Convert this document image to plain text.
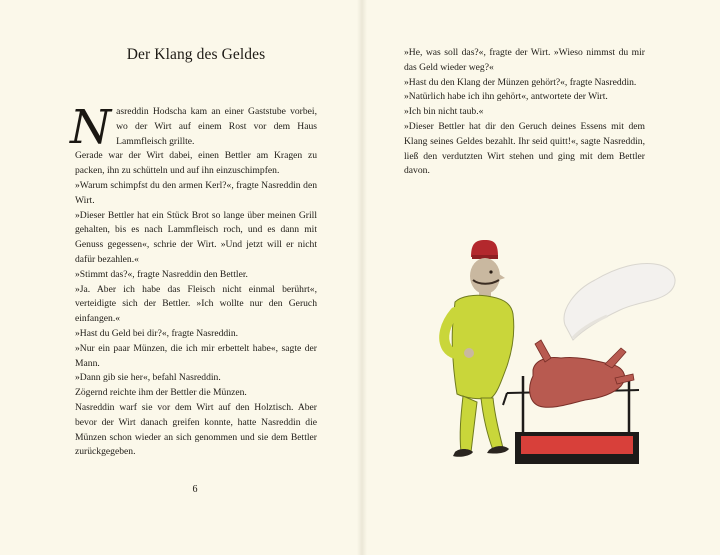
Der Klang des Geldes

Nasreddin Hodscha kam an einer Gaststube vorbei, wo der Wirt auf einem Rost vor dem Haus Lammfleisch grillte.

Gerade war der Wirt dabei, einen Bettler am Kragen zu packen, ihn zu schütteln und auf ihn einzuschimpfen.

»Warum schimpfst du den armen Kerl?«, fragte Nasreddin den Wirt.

»Dieser Bettler hat ein Stück Brot so lange über meinen Grill gehalten, bis es nach Lammfleisch roch, und es dann mit Genuss gegessen«, schrie der Wirt. »Und jetzt will er nicht dafür bezahlen.«

»Stimmt das?«, fragte Nasreddin den Bettler.

»Ja. Aber ich habe das Fleisch nicht einmal berührt«, verteidigte sich der Bettler. »Ich wollte nur den Geruch einfangen.«

»Hast du Geld bei dir?«, fragte Nasreddin.

»Nur ein paar Münzen, die ich mir erbettelt habe«, sagte der Mann.

»Dann gib sie her«, befahl Nasreddin.

Zögernd reichte ihm der Bettler die Münzen.

Nasreddin warf sie vor dem Wirt auf den Holztisch. Aber bevor der Wirt danach greifen konnte, hatte Nasreddin die Münzen schon wieder an sich genommen und sie dem Bettler zurückgegeben.

6

»He, was soll das?«, fragte der Wirt. »Wieso nimmst du mir das Geld wieder weg?«

»Hast du den Klang der Münzen gehört?«, fragte Nasreddin.

»Natürlich habe ich ihn gehört«, antwortete der Wirt.

»Ich bin nicht taub.«

»Dieser Bettler hat dir den Geruch deines Essens mit dem Klang seines Geldes bezahlt. Ihr seid quitt!«, sagte Nasreddin, ließ den verdutzten Wirt stehen und ging mit dem Bettler davon.
